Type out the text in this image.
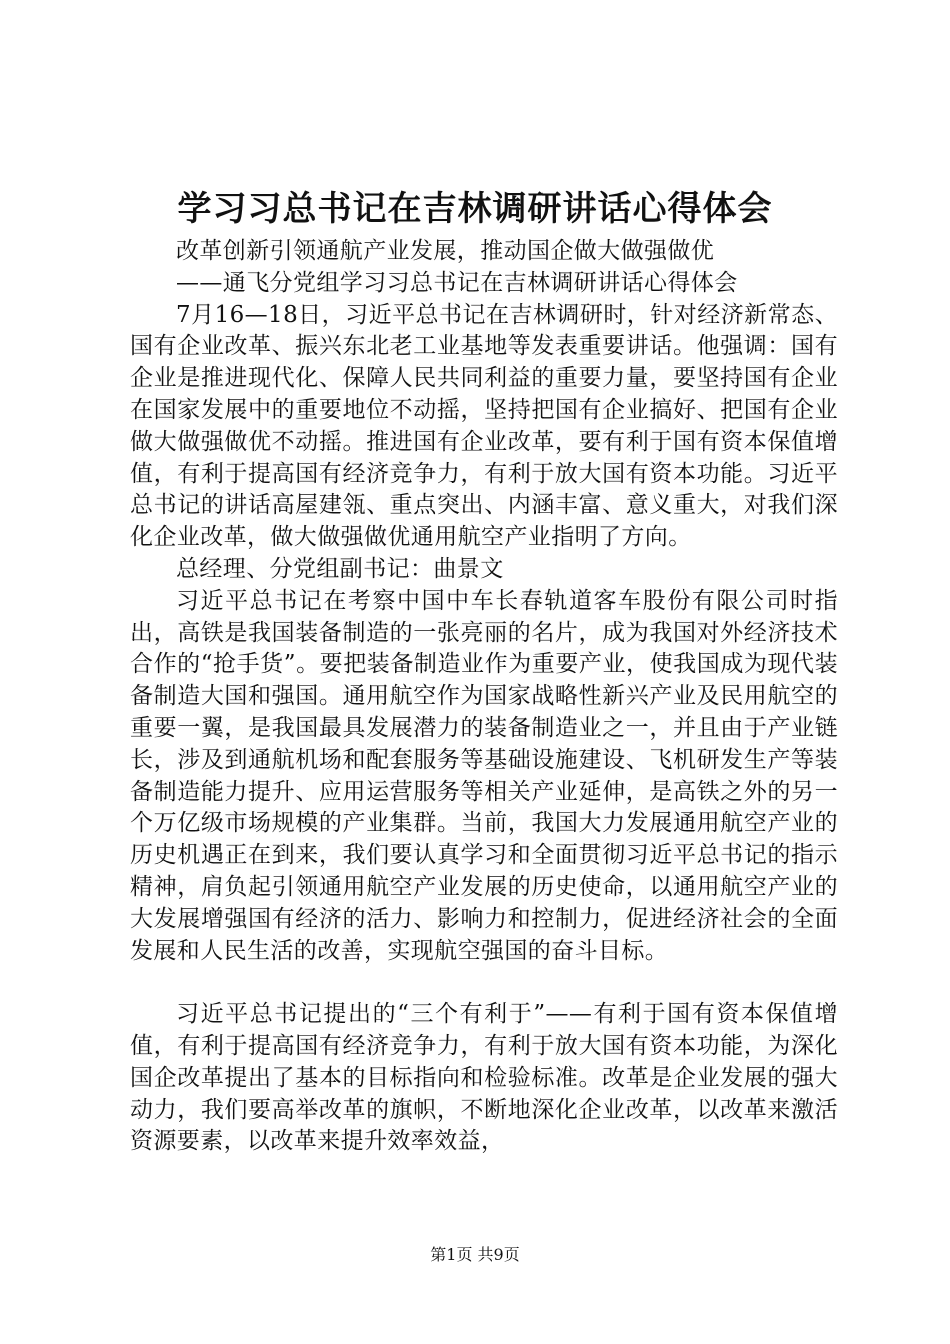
学习习总书记在吉林调研讲话心得体会

改革创新引领通航产业发展，推动国企做大做强做优

——通飞分党组学习习总书记在吉林调研讲话心得体会

7月16—18日，习近平总书记在吉林调研时，针对经济新常态、国有企业改革、振兴东北老工业基地等发表重要讲话。他强调：国有企业是推进现代化、保障人民共同利益的重要力量，要坚持国有企业在国家发展中的重要地位不动摇，坚持把国有企业搞好、把国有企业做大做强做优不动摇。推进国有企业改革，要有利于国有资本保值增值，有利于提高国有经济竞争力，有利于放大国有资本功能。习近平总书记的讲话高屋建瓴、重点突出、内涵丰富、意义重大，对我们深化企业改革，做大做强做优通用航空产业指明了方向。

总经理、分党组副书记：曲景文

习近平总书记在考察中国中车长春轨道客车股份有限公司时指出，高铁是我国装备制造的一张亮丽的名片，成为我国对外经济技术合作的“抢手货”。要把装备制造业作为重要产业，使我国成为现代装备制造大国和强国。通用航空作为国家战略性新兴产业及民用航空的重要一翼，是我国最具发展潜力的装备制造业之一，并且由于产业链长，涉及到通航机场和配套服务等基础设施建设、飞机研发生产等装备制造能力提升、应用运营服务等相关产业延伸，是高铁之外的另一个万亿级市场规模的产业集群。当前，我国大力发展通用航空产业的历史机遇正在到来，我们要认真学习和全面贯彻习近平总书记的指示精神，肩负起引领通用航空产业发展的历史使命，以通用航空产业的大发展增强国有经济的活力、影响力和控制力，促进经济社会的全面发展和人民生活的改善，实现航空强国的奋斗目标。

习近平总书记提出的“三个有利于”——有利于国有资本保值增值，有利于提高国有经济竞争力，有利于放大国有资本功能，为深化国企改革提出了基本的目标指向和检验标准。改革是企业发展的强大动力，我们要高举改革的旗帜，不断地深化企业改革，以改革来激活资源要素，以改革来提升效率效益，

第1页 共9页
